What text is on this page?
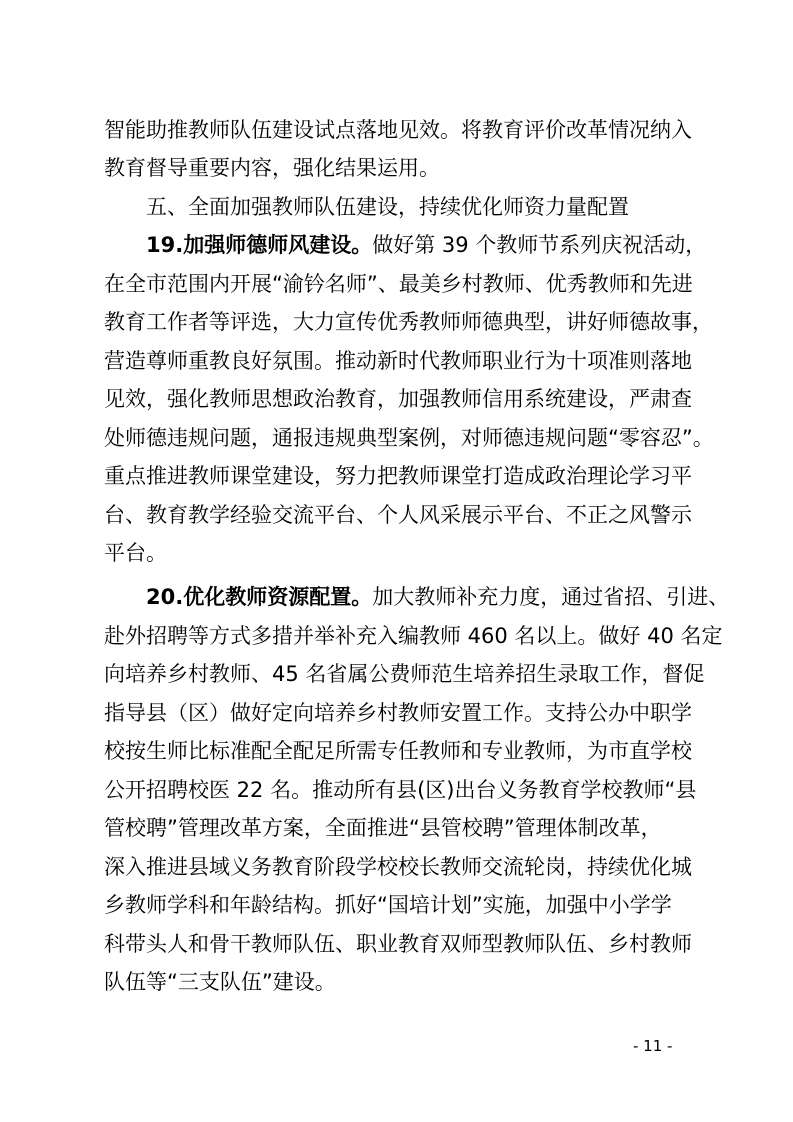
智能助推教师队伍建设试点落地见效。将教育评价改革情况纳入
教育督导重要内容，强化结果运用。
五、全面加强教师队伍建设，持续优化师资力量配置
19.加强师德师风建设。做好第 39 个教师节系列庆祝活动，
在全市范围内开展“渝钤名师”、最美乡村教师、优秀教师和先进
教育工作者等评选，大力宣传优秀教师师德典型，讲好师德故事，
营造尊师重教良好氛围。推动新时代教师职业行为十项准则落地
见效，强化教师思想政治教育，加强教师信用系统建设，严肃查
处师德违规问题，通报违规典型案例，对师德违规问题“零容忍”。
重点推进教师课堂建设，努力把教师课堂打造成政治理论学习平
台、教育教学经验交流平台、个人风采展示平台、不正之风警示
平台。
20.优化教师资源配置。加大教师补充力度，通过省招、引进、
赴外招聘等方式多措并举补充入编教师 460 名以上。做好 40 名定
向培养乡村教师、45 名省属公费师范生培养招生录取工作，督促
指导县（区）做好定向培养乡村教师安置工作。支持公办中职学
校按生师比标准配全配足所需专任教师和专业教师，为市直学校
公开招聘校医 22 名。推动所有县(区)出台义务教育学校教师“县
管校聘”管理改革方案，全面推进“县管校聘”管理体制改革，
深入推进县域义务教育阶段学校校长教师交流轮岗，持续优化城
乡教师学科和年龄结构。抓好“国培计划”实施，加强中小学学
科带头人和骨干教师队伍、职业教育双师型教师队伍、乡村教师
队伍等“三支队伍”建设。
- 11 -
